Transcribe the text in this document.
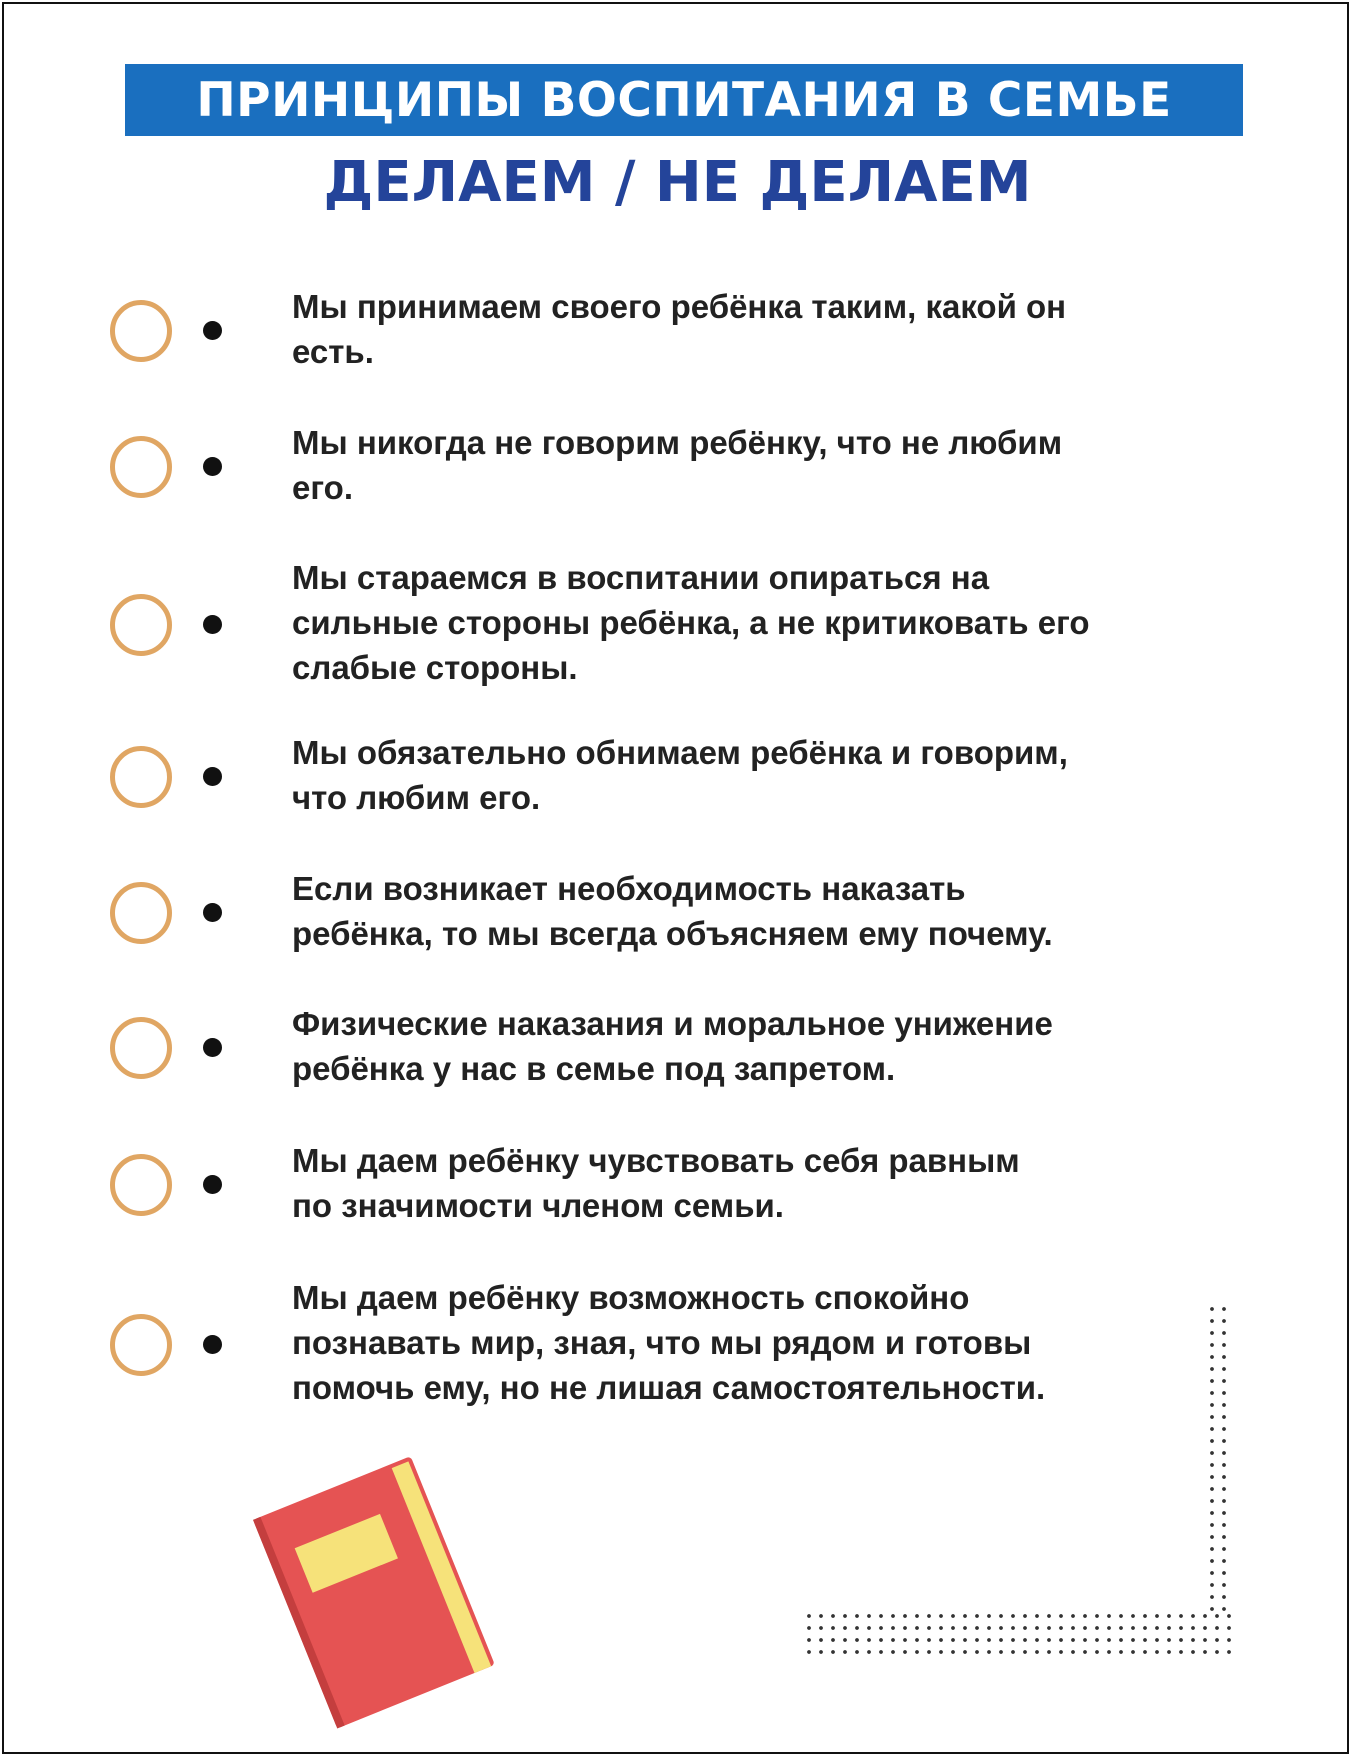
ПРИНЦИПЫ ВОСПИТАНИЯ В СЕМЬЕ
ДЕЛАЕМ / НЕ ДЕЛАЕМ
Мы принимаем своего ребёнка таким, какой он
есть.
Мы никогда не говорим ребёнку, что не любим
его.
Мы стараемся в воспитании опираться на
сильные стороны ребёнка, а не критиковать его
слабые стороны.
Мы обязательно обнимаем ребёнка и говорим,
что любим его.
Если возникает необходимость наказать
ребёнка, то мы всегда объясняем ему почему.
Физические наказания и моральное унижение
ребёнка у нас в семье под запретом.
Мы даем ребёнку чувствовать себя равным
по значимости членом семьи.
Мы даем ребёнку возможность спокойно
познавать мир, зная, что мы рядом и готовы
помочь ему, но не лишая самостоятельности.
